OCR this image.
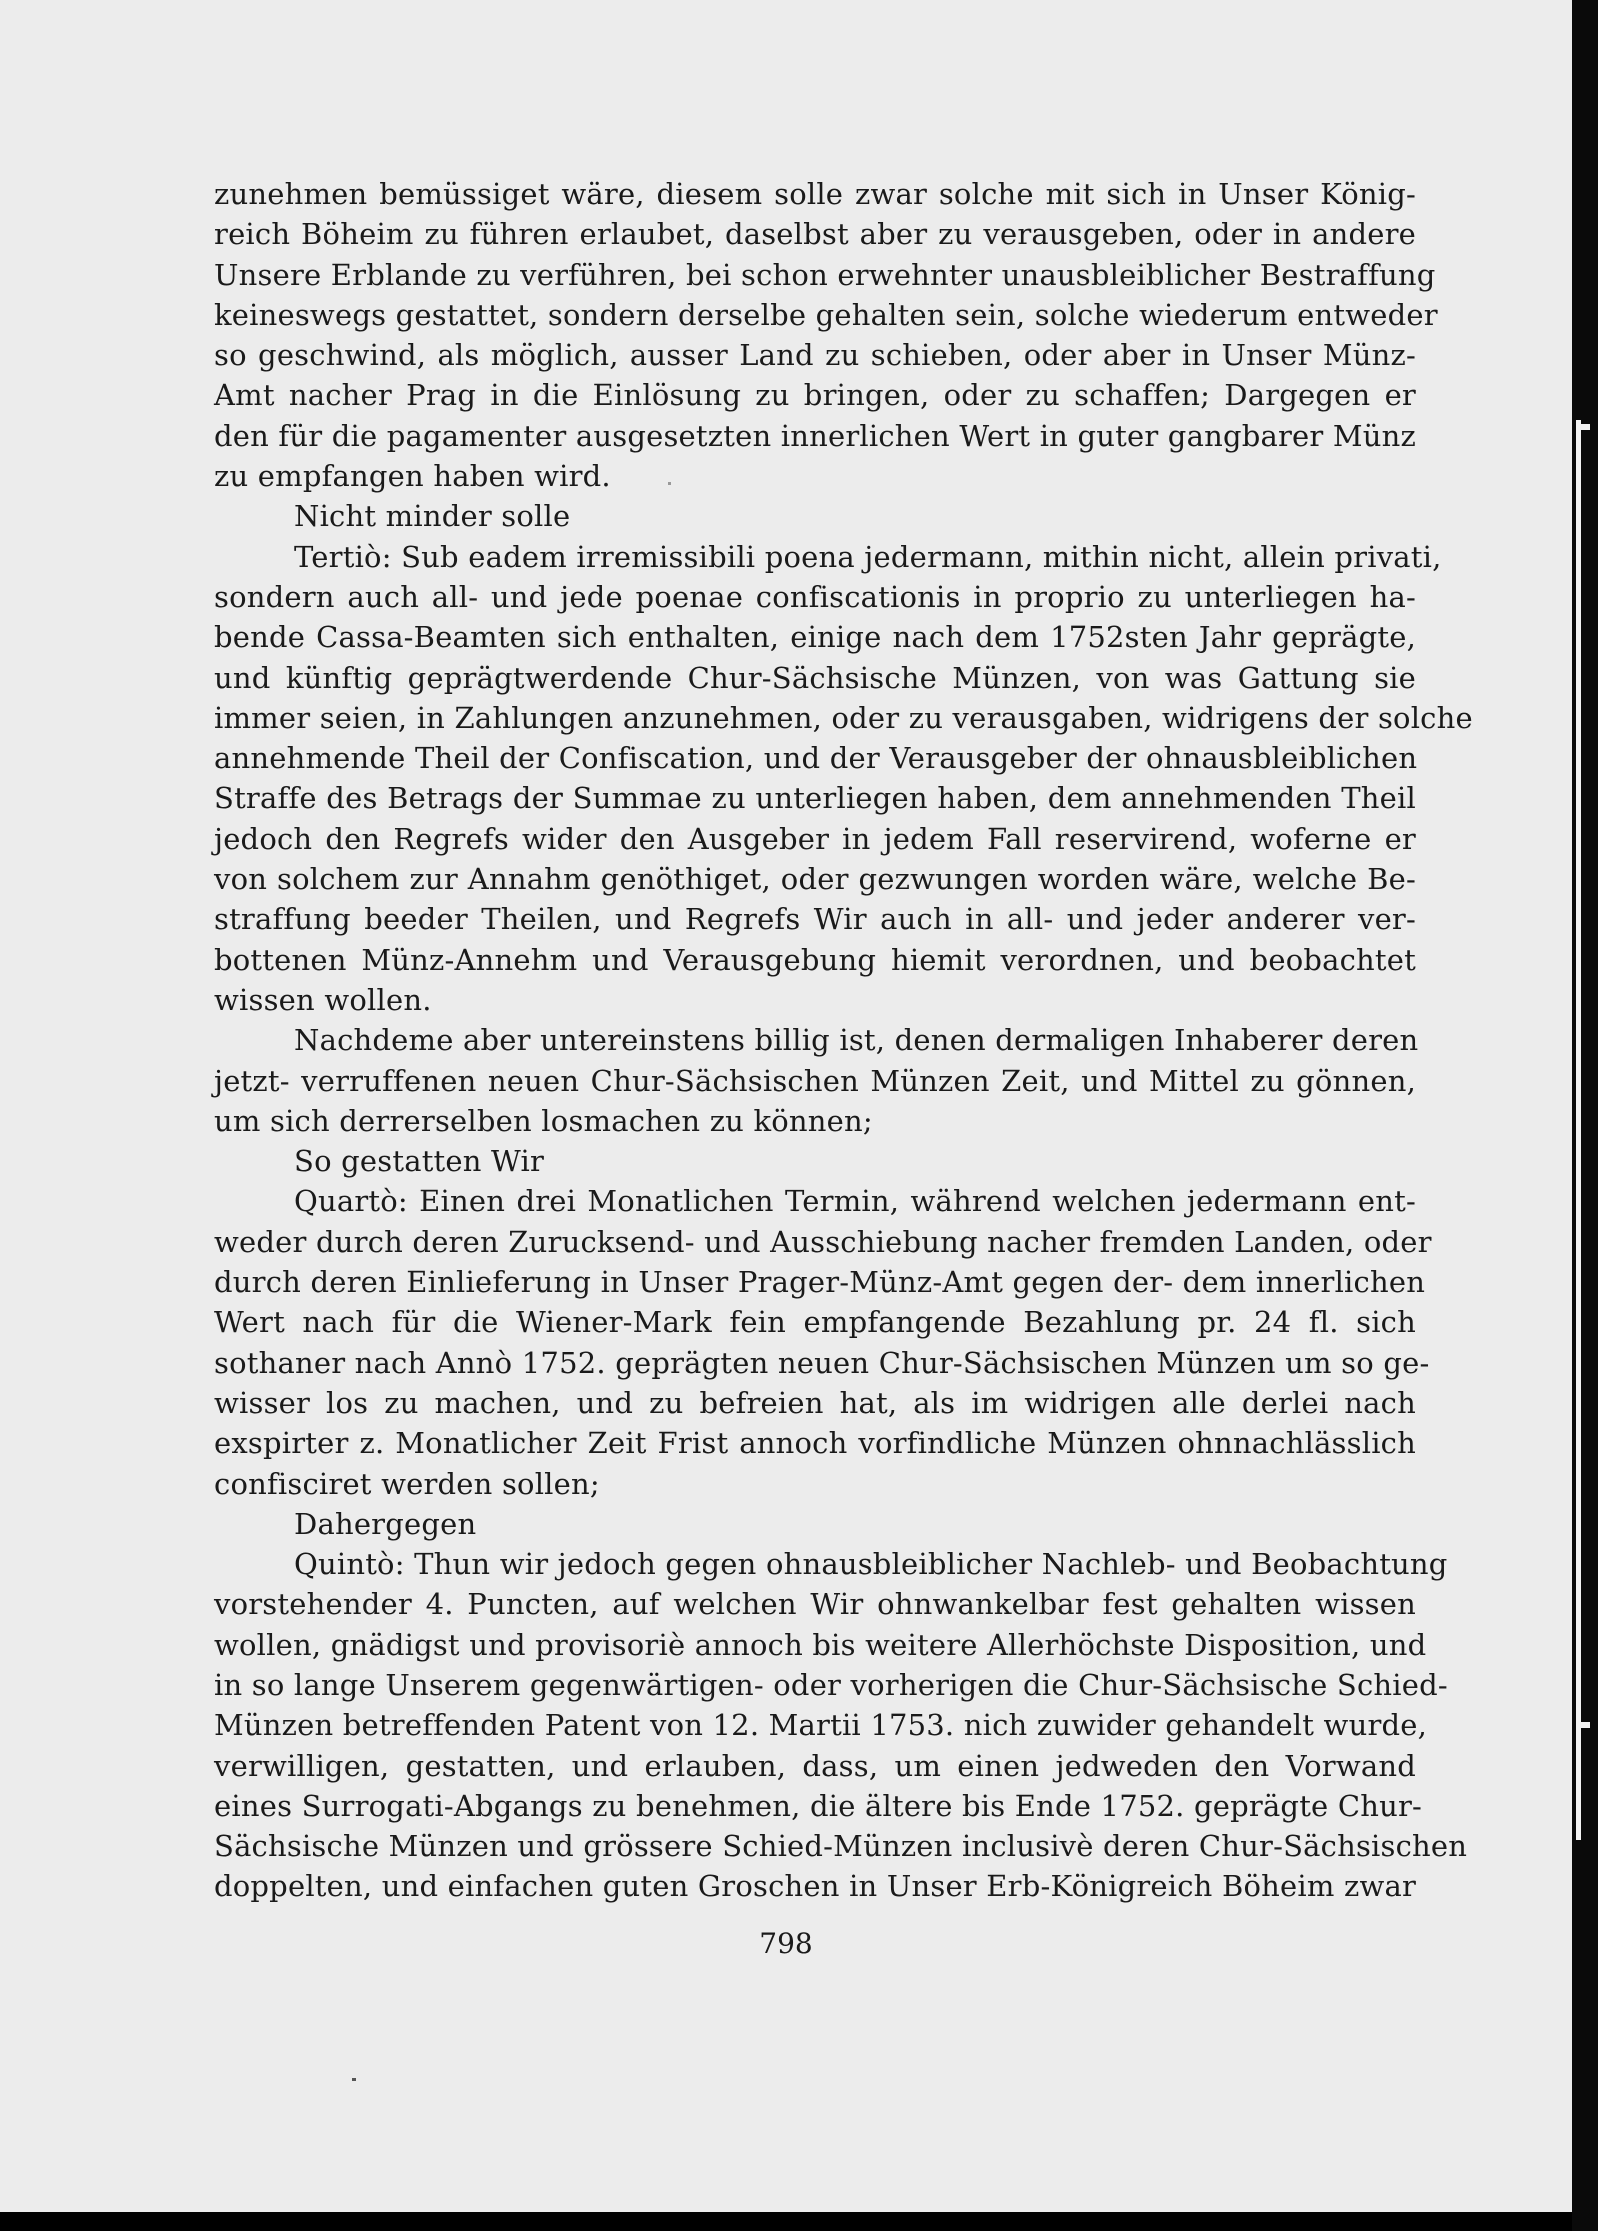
zunehmen bemüssiget wäre, diesem solle zwar solche mit sich in Unser König-
reich Böheim zu führen erlaubet, daselbst aber zu verausgeben, oder in andere
Unsere Erblande zu verführen, bei schon erwehnter unausbleiblicher Bestraffung
keineswegs gestattet, sondern derselbe gehalten sein, solche wiederum entweder
so geschwind, als möglich, ausser Land zu schieben, oder aber in Unser Münz-
Amt nacher Prag in die Einlösung zu bringen, oder zu schaffen; Dargegen er
den für die pagamenter ausgesetzten innerlichen Wert in guter gangbarer Münz
zu empfangen haben wird.
Nicht minder solle
Tertiò: Sub eadem irremissibili poena jedermann, mithin nicht, allein privati,
sondern auch all- und jede poenae confiscationis in proprio zu unterliegen ha-
bende Cassa-Beamten sich enthalten, einige nach dem 1752sten Jahr geprägte,
und künftig geprägtwerdende Chur-Sächsische Münzen, von was Gattung sie
immer seien, in Zahlungen anzunehmen, oder zu verausgaben, widrigens der solche
annehmende Theil der Confiscation, und der Verausgeber der ohnausbleiblichen
Straffe des Betrags der Summae zu unterliegen haben, dem annehmenden Theil
jedoch den Regrefs wider den Ausgeber in jedem Fall reservirend, woferne er
von solchem zur Annahm genöthiget, oder gezwungen worden wäre, welche Be-
straffung beeder Theilen, und Regrefs Wir auch in all- und jeder anderer ver-
bottenen Münz-Annehm und Verausgebung hiemit verordnen, und beobachtet
wissen wollen.
Nachdeme aber untereinstens billig ist, denen dermaligen Inhaberer deren
jetzt- verruffenen neuen Chur-Sächsischen Münzen Zeit, und Mittel zu gönnen,
um sich derrerselben losmachen zu können;
So gestatten Wir
Quartò: Einen drei Monatlichen Termin, während welchen jedermann ent-
weder durch deren Zurucksend- und Ausschiebung nacher fremden Landen, oder
durch deren Einlieferung in Unser Prager-Münz-Amt gegen der- dem innerlichen
Wert nach für die Wiener-Mark fein empfangende Bezahlung pr. 24 fl. sich
sothaner nach Annò 1752. geprägten neuen Chur-Sächsischen Münzen um so ge-
wisser los zu machen, und zu befreien hat, als im widrigen alle derlei nach
exspirter z. Monatlicher Zeit Frist annoch vorfindliche Münzen ohnnachlässlich
confisciret werden sollen;
Dahergegen
Quintò: Thun wir jedoch gegen ohnausbleiblicher Nachleb- und Beobachtung
vorstehender 4. Puncten, auf welchen Wir ohnwankelbar fest gehalten wissen
wollen, gnädigst und provisoriè annoch bis weitere Allerhöchste Disposition, und
in so lange Unserem gegenwärtigen- oder vorherigen die Chur-Sächsische Schied-
Münzen betreffenden Patent von 12. Martii 1753. nich zuwider gehandelt wurde,
verwilligen, gestatten, und erlauben, dass, um einen jedweden den Vorwand
eines Surrogati-Abgangs zu benehmen, die ältere bis Ende 1752. geprägte Chur-
Sächsische Münzen und grössere Schied-Münzen inclusivè deren Chur-Sächsischen
doppelten, und einfachen guten Groschen in Unser Erb-Königreich Böheim zwar
798
